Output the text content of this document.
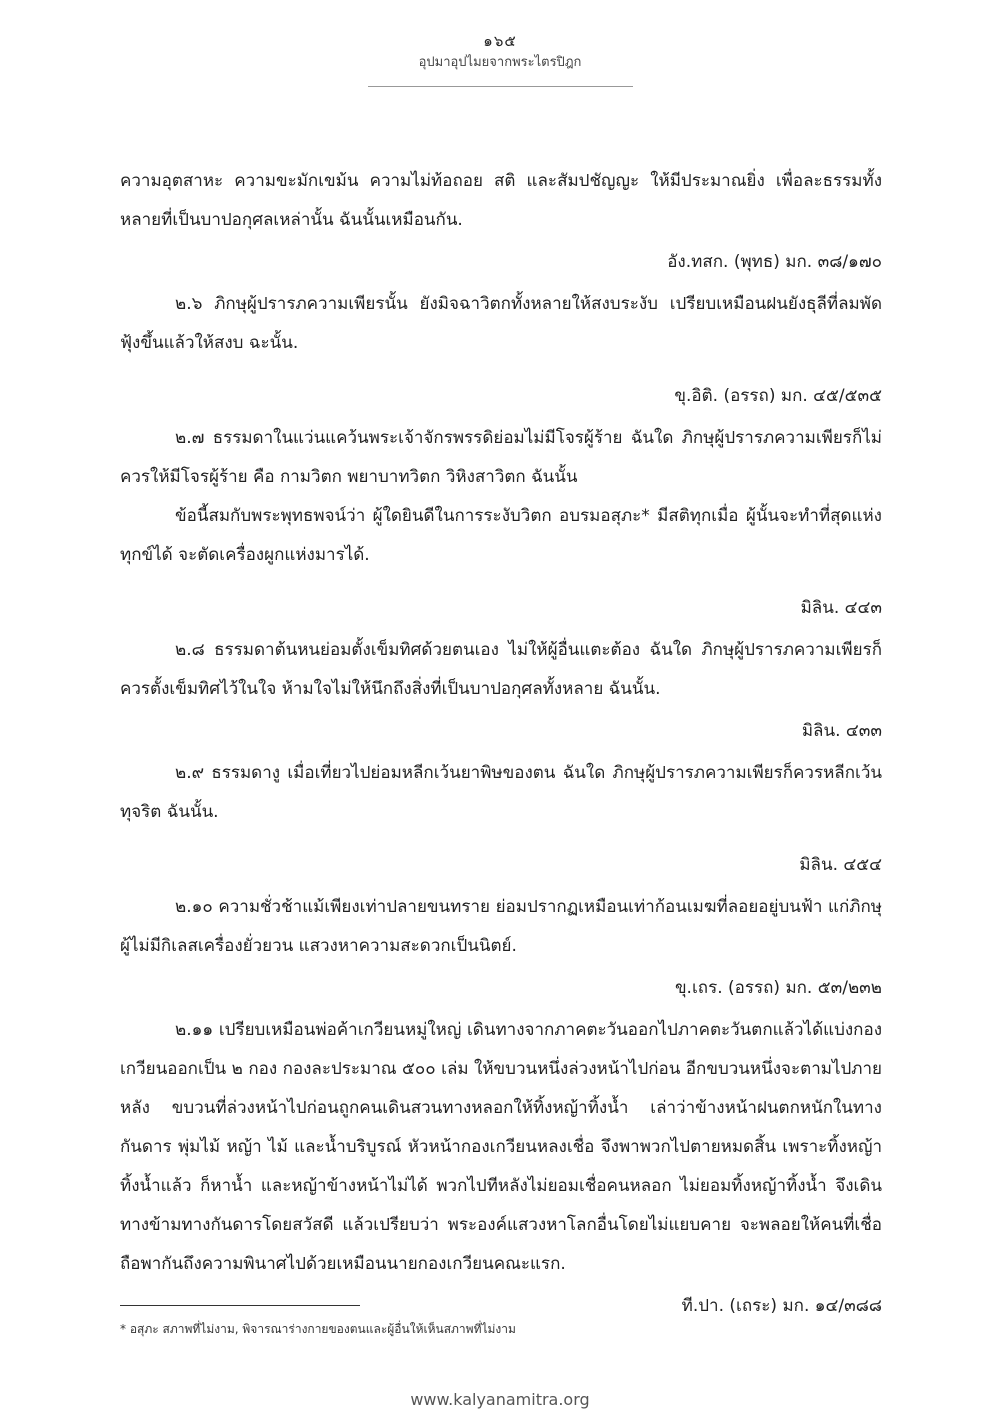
๑๖๕
อุปมาอุปไมยจากพระไตรปิฎก

ความอุตสาหะ ความขะมักเขม้น ความไม่ท้อถอย สติ และสัมปชัญญะ ให้มีประมาณยิ่ง เพื่อละธรรมทั้งหลายที่เป็นบาปอกุศลเหล่านั้น ฉันนั้นเหมือนกัน.

อัง.ทสก. (พุทธ) มก. ๓๘/๑๗๐

๒.๖ ภิกษุผู้ปรารภความเพียรนั้น ยังมิจฉาวิตกทั้งหลายให้สงบระงับ เปรียบเหมือนฝนยังธุลีที่ลมพัดฟุ้งขึ้นแล้วให้สงบ ฉะนั้น.

ขุ.อิติ. (อรรถ) มก. ๔๕/๕๓๕

๒.๗ ธรรมดาในแว่นแคว้นพระเจ้าจักรพรรดิย่อมไม่มีโจรผู้ร้าย ฉันใด ภิกษุผู้ปรารภความเพียรก็ไม่ควรให้มีโจรผู้ร้าย คือ กามวิตก พยาบาทวิตก วิหิงสาวิตก ฉันนั้น

ข้อนี้สมกับพระพุทธพจน์ว่า ผู้ใดยินดีในการระงับวิตก อบรมอสุภะ* มีสติทุกเมื่อ ผู้นั้นจะทำที่สุดแห่งทุกข์ได้ จะตัดเครื่องผูกแห่งมารได้.

มิลิน. ๔๔๓

๒.๘ ธรรมดาต้นหนย่อมตั้งเข็มทิศด้วยตนเอง ไม่ให้ผู้อื่นแตะต้อง ฉันใด ภิกษุผู้ปรารภความเพียรก็ควรตั้งเข็มทิศไว้ในใจ ห้ามใจไม่ให้นึกถึงสิ่งที่เป็นบาปอกุศลทั้งหลาย ฉันนั้น.

มิลิน. ๔๓๓

๒.๙ ธรรมดางู เมื่อเที่ยวไปย่อมหลีกเว้นยาพิษของตน ฉันใด ภิกษุผู้ปรารภความเพียรก็ควรหลีกเว้นทุจริต ฉันนั้น.

มิลิน. ๔๕๔

๒.๑๐ ความชั่วช้าแม้เพียงเท่าปลายขนทราย ย่อมปรากฏเหมือนเท่าก้อนเมฆที่ลอยอยู่บนฟ้า แก่ภิกษุผู้ไม่มีกิเลสเครื่องยั่วยวน แสวงหาความสะดวกเป็นนิตย์.

ขุ.เถร. (อรรถ) มก. ๕๓/๒๓๒

๒.๑๑ เปรียบเหมือนพ่อค้าเกวียนหมู่ใหญ่ เดินทางจากภาคตะวันออกไปภาคตะวันตกแล้วได้แบ่งกองเกวียนออกเป็น ๒ กอง กองละประมาณ ๕๐๐ เล่ม ให้ขบวนหนึ่งล่วงหน้าไปก่อน อีกขบวนหนึ่งจะตามไปภายหลัง ขบวนที่ล่วงหน้าไปก่อนถูกคนเดินสวนทางหลอกให้ทิ้งหญ้าทิ้งน้ำ เล่าว่าข้างหน้าฝนตกหนักในทางกันดาร พุ่มไม้ หญ้า ไม้ และน้ำบริบูรณ์ หัวหน้ากองเกวียนหลงเชื่อ จึงพาพวกไปตายหมดสิ้น เพราะทิ้งหญ้าทิ้งน้ำแล้ว ก็หาน้ำ และหญ้าข้างหน้าไม่ได้ พวกไปทีหลังไม่ยอมเชื่อคนหลอก ไม่ยอมทิ้งหญ้าทิ้งน้ำ จึงเดินทางข้ามทางกันดารโดยสวัสดี แล้วเปรียบว่า พระองค์แสวงหาโลกอื่นโดยไม่แยบคาย จะพลอยให้คนที่เชื่อถือพากันถึงความพินาศไปด้วยเหมือนนายกองเกวียนคณะแรก.

ที.ปา. (เถระ) มก. ๑๔/๓๘๘

* อสุภะ สภาพที่ไม่งาม, พิจารณาร่างกายของตนและผู้อื่นให้เห็นสภาพที่ไม่งาม
www.kalyanamitra.org
